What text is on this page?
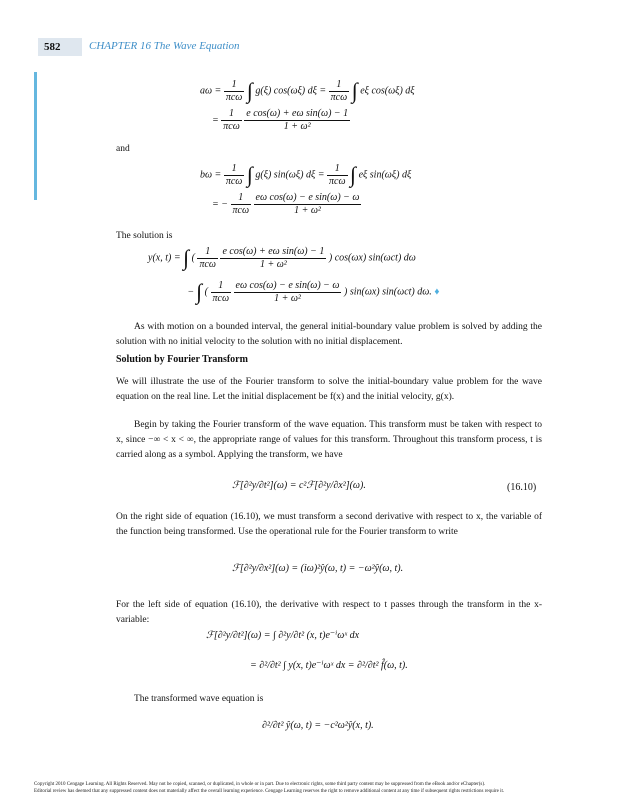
582	CHAPTER 16 The Wave Equation
$a\omega = \frac{1}{\text{πcω}}$ ∫ g(ξ) cos(ωξ) $d\xi = \frac{1}{\text{πcω}}$ ∫ eξ cos(ωξ) dξ
= $\frac{1}{\text{πcω}}$
$\frac{\text{e cos(ω) + eω sin(ω) − 1}}{\text{1 + ω²}}$
and
$b\omega = \frac{1}{\text{πcω}}$ ∫ g(ξ) sin(ωξ) $d\xi = \frac{1}{\text{πcω}}$ ∫ eξ sin(ωξ) dξ
= − $\frac{1}{\text{πcω}}$
$\frac{\text{eω cos(ω) − e sin(ω) − ω}}{\text{1 + ω²}}$
The solution is
y(x, t) = ∫ ( $\frac{1}{\text{πcω}}$
$\frac{\text{e cos(ω) + eω sin(ω) − 1}}{\text{1 + ω²}}$ ) cos(ωx) sin(ωct) dω
− ∫ ( $\frac{1}{\text{πcω}}$
$\frac{\text{eω cos(ω) − e sin(ω) − ω}}{\text{1 + ω²}}$ ) sin(ωx) sin(ωct) dω. ♦
As with motion on a bounded interval, the general initial-boundary value problem is solved by adding the solution with no initial velocity to the solution with no initial displacement.
Solution by Fourier Transform
We will illustrate the use of the Fourier transform to solve the initial-boundary value problem for the wave equation on the real line. Let the initial displacement be f(x) and the initial velocity, g(x).
Begin by taking the Fourier transform of the wave equation. This transform must be taken with respect to x, since −∞ < x < ∞, the appropriate range of values for this transform. Throughout this transform process, t is carried along as a symbol. Applying the transform, we have
ℱ[∂²y/∂t²](ω) = c²ℱ[∂²y/∂x²](ω).	(16.10)
On the right side of equation (16.10), we must transform a second derivative with respect to x, the variable of the function being transformed. Use the operational rule for the Fourier transform to write
ℱ[∂²y/∂x²](ω) = (iω)²ŷ(ω, t) = −ω²ŷ(ω, t).
For the left side of equation (16.10), the derivative with respect to t passes through the transform in the x-variable:
ℱ[∂²y/∂t²](ω) = ∫ ∂²y/∂t² (x, t)e⁻ⁱωˣ dx
= ∂²/∂t² ∫ y(x, t)e⁻ⁱωˣ dx = ∂²/∂t² f̂(ω, t).
The transformed wave equation is
∂²/∂t² ŷ(ω, t) = −c²ω²ŷ(x, t).
Copyright 2010 Cengage Learning. All Rights Reserved. May not be copied, scanned, or duplicated, in whole or in part. Due to electronic rights, some third party content may be suppressed from the eBook and/or eChapter(s).
Editorial review has deemed that any suppressed content does not materially affect the overall learning experience. Cengage Learning reserves the right to remove additional content at any time if subsequent rights restrictions require it.
